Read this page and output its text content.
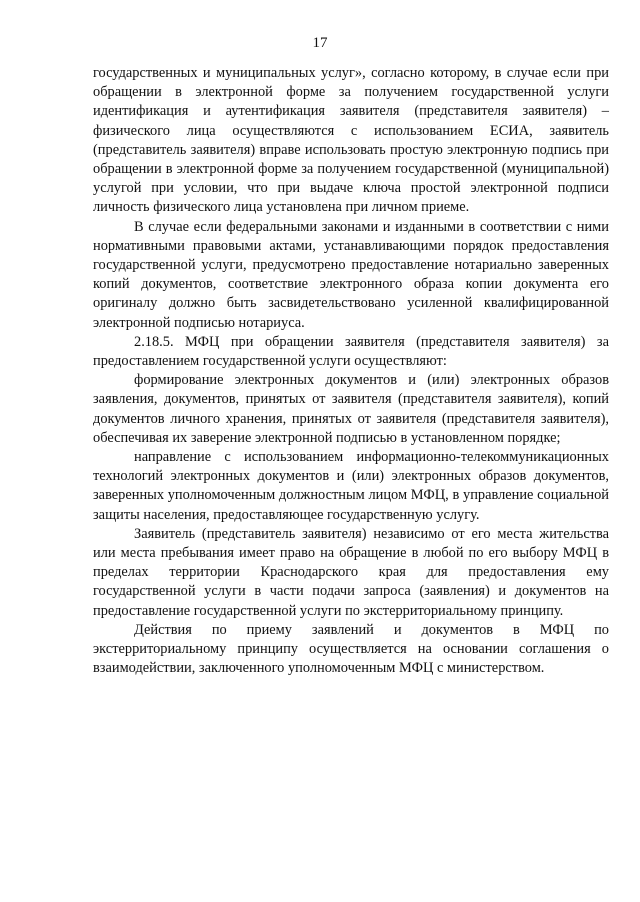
17

государственных и муниципальных услуг», согласно которому, в случае если при обращении в электронной форме за получением государственной услуги идентификация и аутентификация заявителя (представителя заявителя) – физического лица осуществляются с использованием ЕСИА, заявитель (представитель заявителя) вправе использовать простую электронную подпись при обращении в электронной форме за получением государственной (муниципальной) услугой при условии, что при выдаче ключа простой электронной подписи личность физического лица установлена при личном приеме.

В случае если федеральными законами и изданными в соответствии с ними нормативными правовыми актами, устанавливающими порядок предоставления государственной услуги, предусмотрено предоставление нотариально заверенных копий документов, соответствие электронного образа копии документа его оригиналу должно быть засвидетельствовано усиленной квалифицированной электронной подписью нотариуса.

2.18.5. МФЦ при обращении заявителя (представителя заявителя) за предоставлением государственной услуги осуществляют:

формирование электронных документов и (или) электронных образов заявления, документов, принятых от заявителя (представителя заявителя), копий документов личного хранения, принятых от заявителя (представителя заявителя), обеспечивая их заверение электронной подписью в установленном порядке;

направление с использованием информационно-телекоммуникационных технологий электронных документов и (или) электронных образов документов, заверенных уполномоченным должностным лицом МФЦ, в управление социальной защиты населения, предоставляющее государственную услугу.

Заявитель (представитель заявителя) независимо от его места жительства или места пребывания имеет право на обращение в любой по его выбору МФЦ в пределах территории Краснодарского края для предоставления ему государственной услуги в части подачи запроса (заявления) и документов на предоставление государственной услуги по экстерриториальному принципу.

Действия по приему заявлений и документов в МФЦ по экстерриториальному принципу осуществляется на основании соглашения о взаимодействии, заключенного уполномоченным МФЦ с министерством.
